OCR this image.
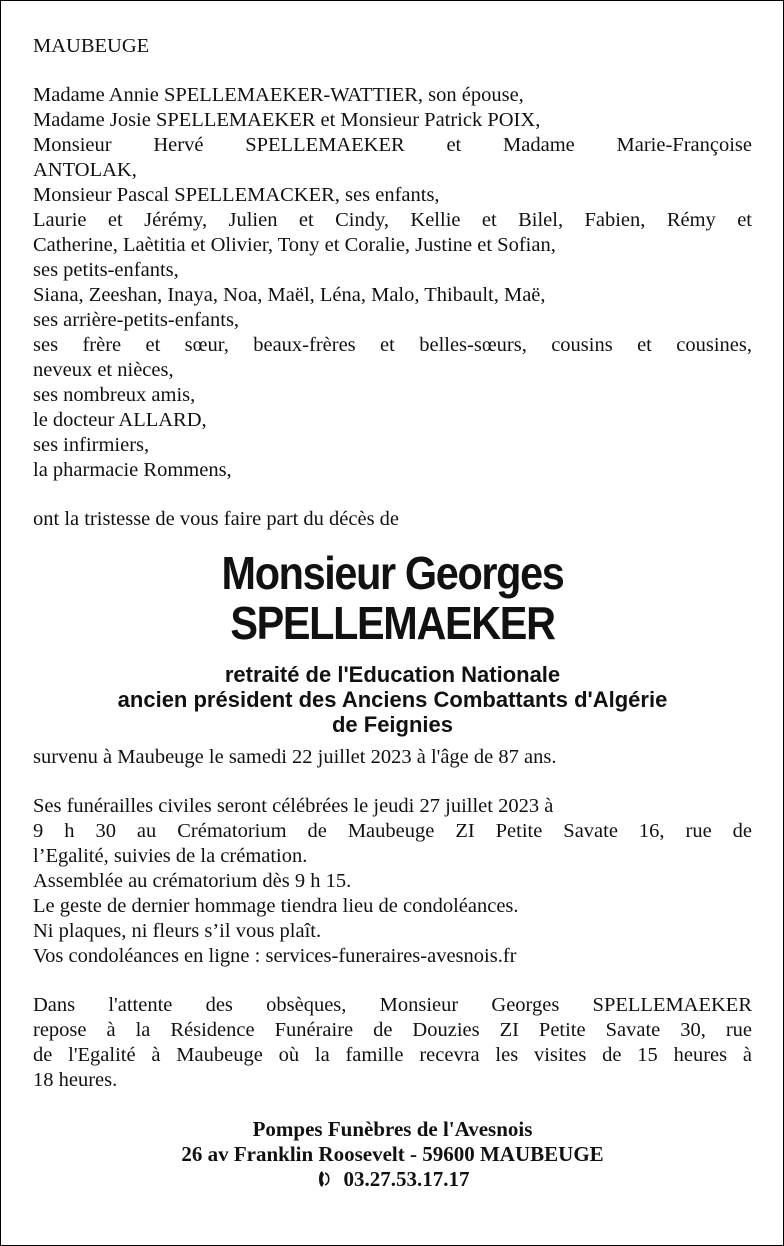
MAUBEUGE
Madame Annie SPELLEMAEKER-WATTIER, son épouse,
Madame Josie SPELLEMAEKER et Monsieur Patrick POIX,
Monsieur Hervé SPELLEMAEKER et Madame Marie-Françoise
ANTOLAK,
Monsieur Pascal SPELLEMACKER, ses enfants,
Laurie et Jérémy, Julien et Cindy, Kellie et Bilel, Fabien, Rémy et
Catherine, Laètitia et Olivier, Tony et Coralie, Justine et Sofian,
ses petits-enfants,
Siana, Zeeshan, Inaya, Noa, Maël, Léna, Malo, Thibault, Maë,
ses arrière-petits-enfants,
ses frère et sœur, beaux-frères et belles-sœurs, cousins et cousines,
neveux et nièces,
ses nombreux amis,
le docteur ALLARD,
ses infirmiers,
la pharmacie Rommens,
ont la tristesse de vous faire part du décès de
Monsieur Georges
SPELLEMAEKER
retraité de l'Education Nationale
ancien président des Anciens Combattants d'Algérie
de Feignies
survenu à Maubeuge le samedi 22 juillet 2023 à l'âge de 87 ans.
Ses funérailles civiles seront célébrées le jeudi 27 juillet 2023 à
9 h 30 au Crématorium de Maubeuge ZI Petite Savate 16, rue de
l’Egalité, suivies de la crémation.
Assemblée au crématorium dès 9 h 15.
Le geste de dernier hommage tiendra lieu de condoléances.
Ni plaques, ni fleurs s’il vous plaît.
Vos condoléances en ligne : services-funeraires-avesnois.fr
Dans l'attente des obsèques, Monsieur Georges SPELLEMAEKER
repose à la Résidence Funéraire de Douzies ZI Petite Savate 30, rue
de l'Egalité à Maubeuge où la famille recevra les visites de 15 heures à
18 heures.
Pompes Funèbres de l'Avesnois
26 av Franklin Roosevelt - 59600 MAUBEUGE
03.27.53.17.17
